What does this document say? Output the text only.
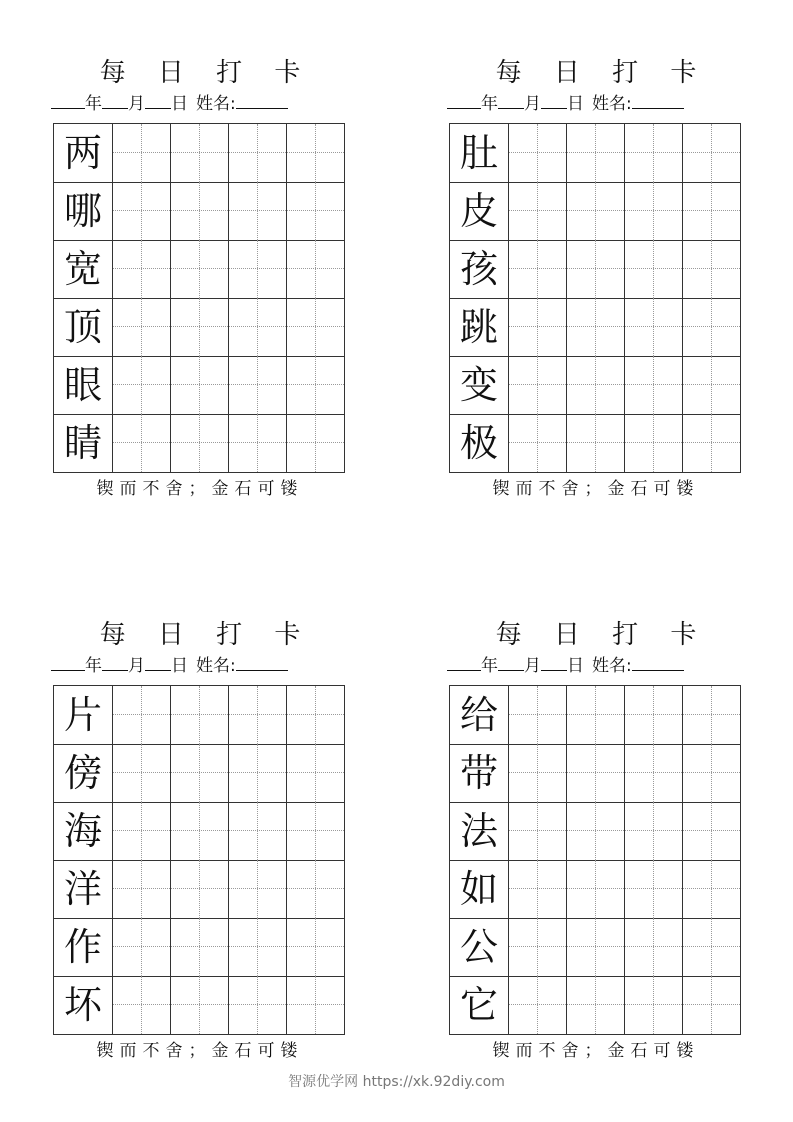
每 日 打 卡
年 月 日 姓名:
两
哪
宽
顶
眼
睛
锲而不舍；金石可镂
每 日 打 卡
年 月 日 姓名:
肚
皮
孩
跳
变
极
锲而不舍；金石可镂
每 日 打 卡
年 月 日 姓名:
片
傍
海
洋
作
坏
锲而不舍；金石可镂
每 日 打 卡
年 月 日 姓名:
给
带
法
如
公
它
锲而不舍；金石可镂
智源优学网 https://xk.92diy.com
